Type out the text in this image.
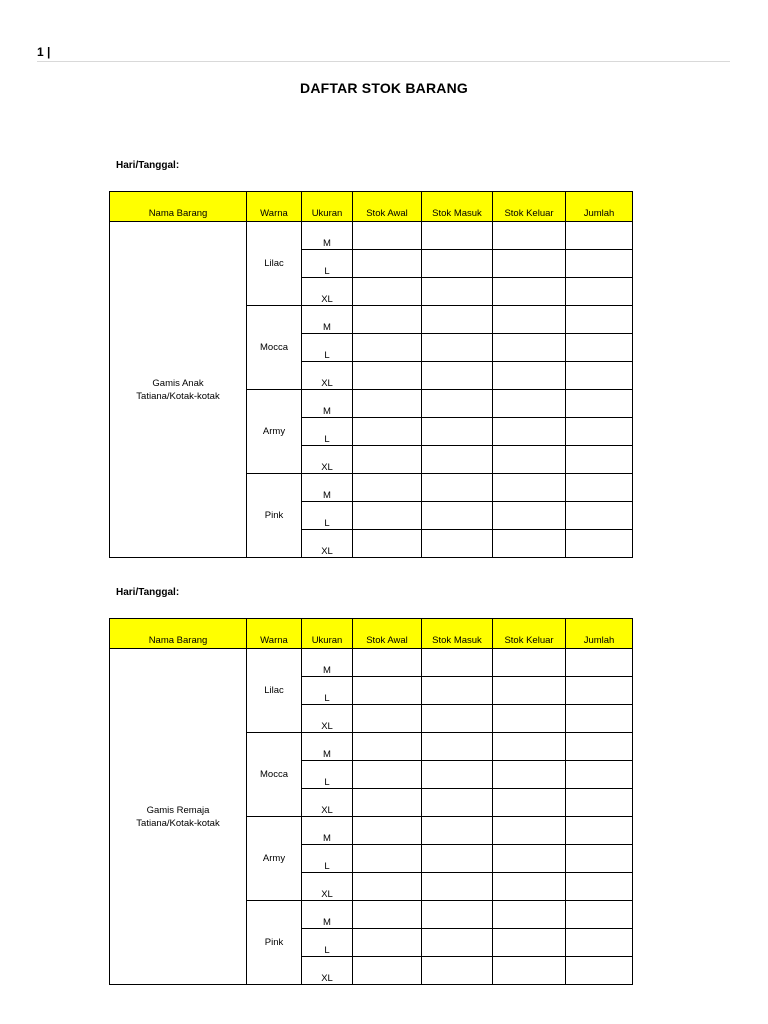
1 |
DAFTAR STOK BARANG
Hari/Tanggal:
Nama Barang	Warna	Ukuran	Stok Awal	Stok Masuk	Stok Keluar	Jumlah

Gamis Anak
Tatiana/Kotak-kotak	Lilac	M				
		L				
		XL				
	Mocca	M				
		L				
		XL				
	Army	M				
		L				
		XL				
	Pink	M				
		L				
		XL				
Hari/Tanggal:
Nama Barang	Warna	Ukuran	Stok Awal	Stok Masuk	Stok Keluar	Jumlah

Gamis Remaja
Tatiana/Kotak-kotak	Lilac	M				
		L				
		XL				
	Mocca	M				
		L				
		XL				
	Army	M				
		L				
		XL				
	Pink	M				
		L				
		XL				
